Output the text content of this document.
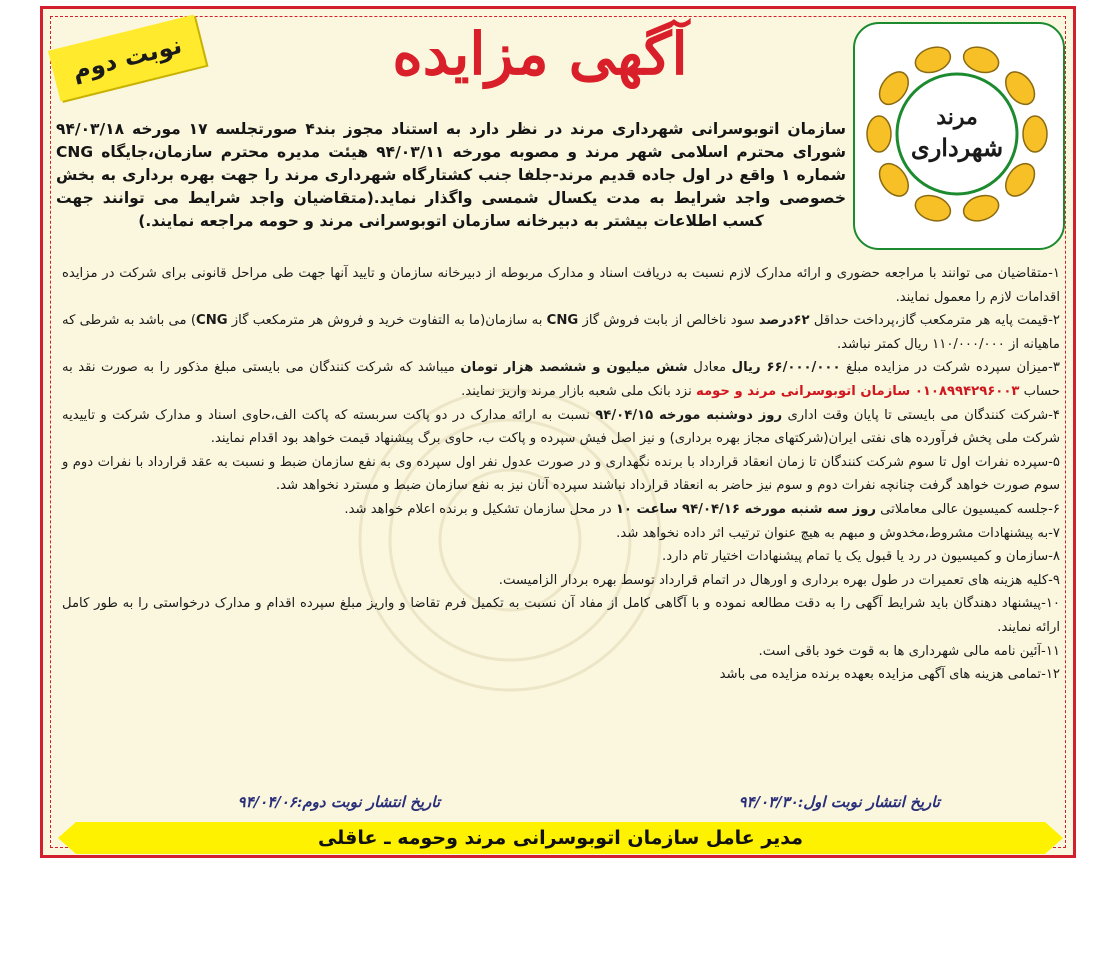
نوبت دوم	آگهی مزایده
مرند
شهرداری
سازمان اتوبوسرانی شهرداری مرند در نظر دارد به استناد مجوز بند۴ صورتجلسه ۱۷ مورخه ۹۴/۰۳/۱۸ شورای محترم اسلامی شهر مرند و مصوبه مورخه ۹۴/۰۳/۱۱ هیئت مدیره محترم سازمان،جایگاه CNG شماره ۱ واقع در اول جاده قدیم مرند-جلفا جنب کشتارگاه شهرداری مرند را جهت بهره برداری به بخش خصوصی واجد شرایط به مدت یکسال شمسی واگذار نماید.(متقاضیان واجد شرایط می توانند جهت کسب اطلاعات بیشتر به دبیرخانه سازمان اتوبوسرانی مرند و حومه مراجعه نمایند.)

۱-متقاضیان می توانند با مراجعه حضوری و ارائه مدارک لازم نسبت به دریافت اسناد و مدارک مربوطه از دبیرخانه سازمان و تایید آنها جهت طی مراحل قانونی برای شرکت در مزایده اقدامات لازم را معمول نمایند.

۲-قیمت پایه هر مترمکعب گاز،پرداخت حداقل ۶۲درصد سود ناخالص از بابت فروش گاز CNG به سازمان(ما به التفاوت خرید و فروش هر مترمکعب گاز CNG) می باشد به شرطی که ماهیانه از ۱۱۰/۰۰۰/۰۰۰ ریال کمتر نباشد.

۳-میزان سپرده شرکت در مزایده مبلغ ۶۶/۰۰۰/۰۰۰ ریال معادل شش میلیون و ششصد هزار تومان میباشد که شرکت کنندگان می بایستی مبلغ مذکور را به صورت نقد به حساب ۰۱۰۸۹۹۴۲۹۶۰۰۳ سازمان اتوبوسرانی مرند و حومه نزد بانک ملی شعبه بازار مرند واریز نمایند.

۴-شرکت کنندگان می بایستی تا پایان وقت اداری روز دوشنبه مورخه ۹۴/۰۴/۱۵ نسبت به ارائه مدارک در دو پاکت سربسته که پاکت الف،حاوی اسناد و مدارک شرکت و تاییدیه شرکت ملی پخش فرآورده های نفتی ایران(شرکتهای مجاز بهره برداری) و نیز اصل فیش سپرده و پاکت ب، حاوی برگ پیشنهاد قیمت خواهد بود اقدام نمایند.

۵-سپرده نفرات اول تا سوم شرکت کنندگان تا زمان انعقاد قرارداد با برنده نگهداری و در صورت عدول نفر اول سپرده وی به نفع سازمان ضبط و نسبت به عقد قرارداد با نفرات دوم و سوم صورت خواهد گرفت چنانچه نفرات دوم و سوم نیز حاضر به انعقاد قرارداد نباشند سپرده آنان نیز به نفع سازمان ضبط و مسترد نخواهد شد.

۶-جلسه کمیسیون عالی معاملاتی روز سه شنبه مورخه ۹۴/۰۴/۱۶ ساعت ۱۰ در محل سازمان تشکیل و برنده اعلام خواهد شد.

۷-به پیشنهادات مشروط،مخدوش و مبهم به هیچ عنوان ترتیب اثر داده نخواهد شد.

۸-سازمان و کمیسیون در رد یا قبول یک یا تمام پیشنهادات اختیار تام دارد.

۹-کلیه هزینه های تعمیرات در طول بهره برداری و اورهال در اتمام قرارداد توسط بهره بردار الزامیست.

۱۰-پیشنهاد دهندگان باید شرایط آگهی را به دقت مطالعه نموده و با آگاهی کامل از مفاد آن نسبت به تکمیل فرم تقاضا و واریز مبلغ سپرده اقدام و مدارک درخواستی را به طور کامل ارائه نمایند.

۱۱-آئین نامه مالی شهرداری ها به قوت خود باقی است.

۱۲-تمامی هزینه های آگهی مزایده بعهده برنده مزایده می باشد

تاریخ انتشار نوبت اول:۹۴/۰۳/۳۰
تاریخ انتشار نوبت دوم:۹۴/۰۴/۰۶
مدیر عامل سازمان اتوبوسرانی مرند وحومه ـ عاقلی
